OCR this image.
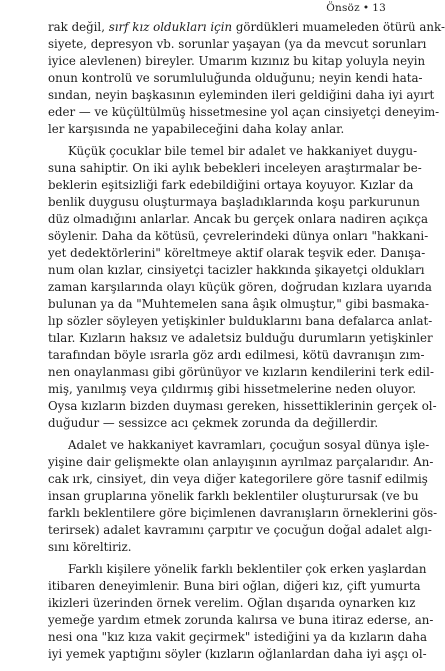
Önsöz • 13
rak değil, sırf kız oldukları için gördükleri muameleden ötürü ank-
siyete, depresyon vb. sorunlar yaşayan (ya da mevcut sorunları
iyice alevlenen) bireyler. Umarım kızınız bu kitap yoluyla neyin
onun kontrolü ve sorumluluğunda olduğunu; neyin kendi hata-
sından, neyin başkasının eyleminden ileri geldiğini daha iyi ayırt
eder — ve küçültülmüş hissetmesine yol açan cinsiyetçi deneyim-
ler karşısında ne yapabileceğini daha kolay anlar.
Küçük çocuklar bile temel bir adalet ve hakkaniyet duygu-
suna sahiptir. On iki aylık bebekleri inceleyen araştırmalar be-
beklerin eşitsizliği fark edebildiğini ortaya koyuyor. Kızlar da
benlik duygusu oluşturmaya başladıklarında koşu parkurunun
düz olmadığını anlarlar. Ancak bu gerçek onlara nadiren açıkça
söylenir. Daha da kötüsü, çevrelerindeki dünya onları "hakkani-
yet dedektörlerini" köreltmeye aktif olarak teşvik eder. Danışa-
num olan kızlar, cinsiyetçi tacizler hakkında şikayetçi oldukları
zaman karşılarında olayı küçük gören, doğrudan kızlara uyarıda
bulunan ya da "Muhtemelen sana âşık olmuştur," gibi basmaka-
lıp sözler söyleyen yetişkinler bulduklarını bana defalarca anlat-
tılar. Kızların haksız ve adaletsiz bulduğu durumların yetişkinler
tarafından böyle ısrarla göz ardı edilmesi, kötü davranışın zım-
nen onaylanması gibi görünüyor ve kızların kendilerini terk edil-
miş, yanılmış veya çıldırmış gibi hissetmelerine neden oluyor.
Oysa kızların bizden duyması gereken, hissettiklerinin gerçek ol-
duğudur — sessizce acı çekmek zorunda da değillerdir.
Adalet ve hakkaniyet kavramları, çocuğun sosyal dünya işle-
yişine dair gelişmekte olan anlayışının ayrılmaz parçalarıdır. An-
cak ırk, cinsiyet, din veya diğer kategorilere göre tasnif edilmiş
insan gruplarına yönelik farklı beklentiler oluşturursak (ve bu
farklı beklentilere göre biçimlenen davranışların örneklerini gös-
terirsek) adalet kavramını çarpıtır ve çocuğun doğal adalet algı-
sını köreltiriz.
Farklı kişilere yönelik farklı beklentiler çok erken yaşlardan
itibaren deneyimlenir. Buna biri oğlan, diğeri kız, çift yumurta
ikizleri üzerinden örnek verelim. Oğlan dışarıda oynarken kız
yemeğe yardım etmek zorunda kalırsa ve buna itiraz ederse, an-
nesi ona "kız kıza vakit geçirmek" istediğini ya da kızların daha
iyi yemek yaptığını söyler (kızların oğlanlardan daha iyi aşçı ol-
